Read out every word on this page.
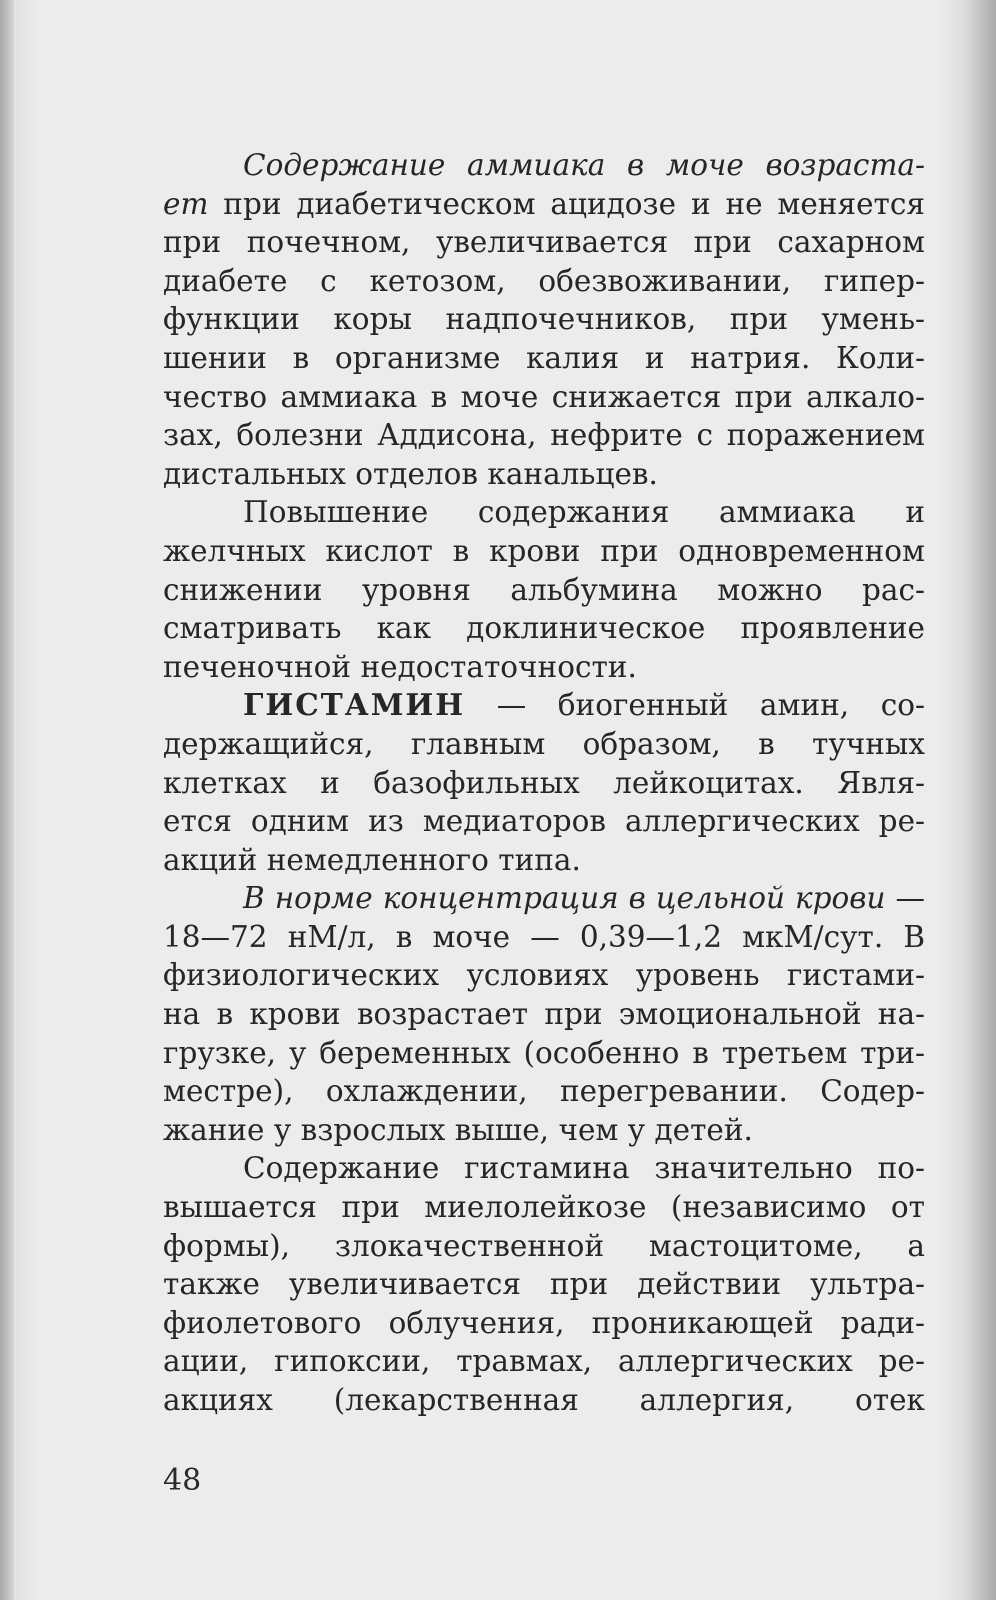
Содержание аммиака в моче возраста-
ет при диабетическом ацидозе и не меняется
при почечном, увеличивается при сахарном
диабете с кетозом, обезвоживании, гипер-
функции коры надпочечников, при умень-
шении в организме калия и натрия. Коли-
чество аммиака в моче снижается при алкало-
зах, болезни Аддисона, нефрите с поражением
дистальных отделов канальцев.
Повышение содержания аммиака и
желчных кислот в крови при одновременном
снижении уровня альбумина можно рас-
сматривать как доклиническое проявление
печеночной недостаточности.
ГИСТАМИН — биогенный амин, со-
держащийся, главным образом, в тучных
клетках и базофильных лейкоцитах. Явля-
ется одним из медиаторов аллергических ре-
акций немедленного типа.
В норме концентрация в цельной крови —
18—72 нМ/л, в моче — 0,39—1,2 мкМ/сут. В
физиологических условиях уровень гистами-
на в крови возрастает при эмоциональной на-
грузке, у беременных (особенно в третьем три-
местре), охлаждении, перегревании. Содер-
жание у взрослых выше, чем у детей.
Содержание гистамина значительно по-
вышается при миелолейкозе (независимо от
формы), злокачественной мастоцитоме, а
также увеличивается при действии ультра-
фиолетового облучения, проникающей ради-
ации, гипоксии, травмах, аллергических ре-
акциях (лекарственная аллергия, отек
48
